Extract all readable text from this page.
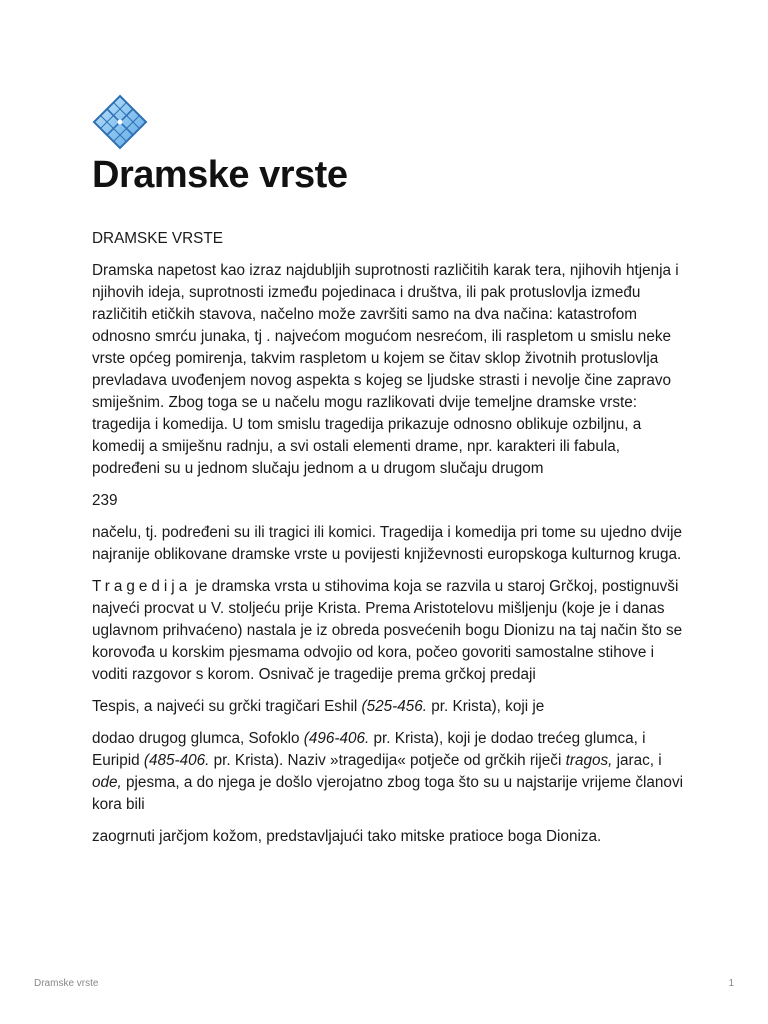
Dramske vrste

DRAMSKE VRSTE

Dramska napetost kao izraz najdubljih suprotnosti različitih karak tera, njihovih htjenja i njihovih ideja, suprotnosti između pojedinaca i društva, ili pak protuslovlja između različitih etičkih stavova, načelno može završiti samo na dva načina: katastrofom odnosno smrću junaka, tj . najvećom mogućom nesrećom, ili raspletom u smislu neke vrste općeg pomirenja, takvim raspletom u kojem se čitav sklop životnih protuslovlja prevladava uvođenjem novog aspekta s kojeg se ljudske strasti i nevolje čine zapravo smiješnim. Zbog toga se u načelu mogu razlikovati dvije temeljne dramske vrste: tragedija i komedija. U tom smislu tragedija prikazuje odnosno oblikuje ozbiljnu, a komedij a smiješnu radnju, a svi ostali elementi drame, npr. karakteri ili fabula, podređeni su u jednom slučaju jednom a u drugom slučaju drugom

239

načelu, tj. podređeni su ili tragici ili komici. Tragedija i komedija pri tome su ujedno dvije najranije oblikovane dramske vrste u povijesti književnosti europskoga kulturnog kruga.

Tragedija je dramska vrsta u stihovima koja se razvila u staroj Grčkoj, postignuvši najveći procvat u V. stoljeću prije Krista. Prema Aristotelovu mišljenju (koje je i danas uglavnom prihvaćeno) nastala je iz obreda posvećenih bogu Dionizu na taj način što se korovođa u korskim pjesmama odvojio od kora, počeo govoriti samostalne stihove i voditi razgovor s korom. Osnivač je tragedije prema grčkoj predaji

Tespis, a najveći su grčki tragičari Eshil (525-456. pr. Krista), koji je

dodao drugog glumca, Sofoklo (496-406. pr. Krista), koji je dodao trećeg glumca, i Euripid (485-406. pr. Krista). Naziv »tragedija« potječe od grčkih riječi tragos, jarac, i ode, pjesma, a do njega je došlo vjerojatno zbog toga što su u najstarije vrijeme članovi kora bili

zaogrnuti jarčjom kožom, predstavljajući tako mitske pratioce boga Dioniza.

Dramske vrste	1
